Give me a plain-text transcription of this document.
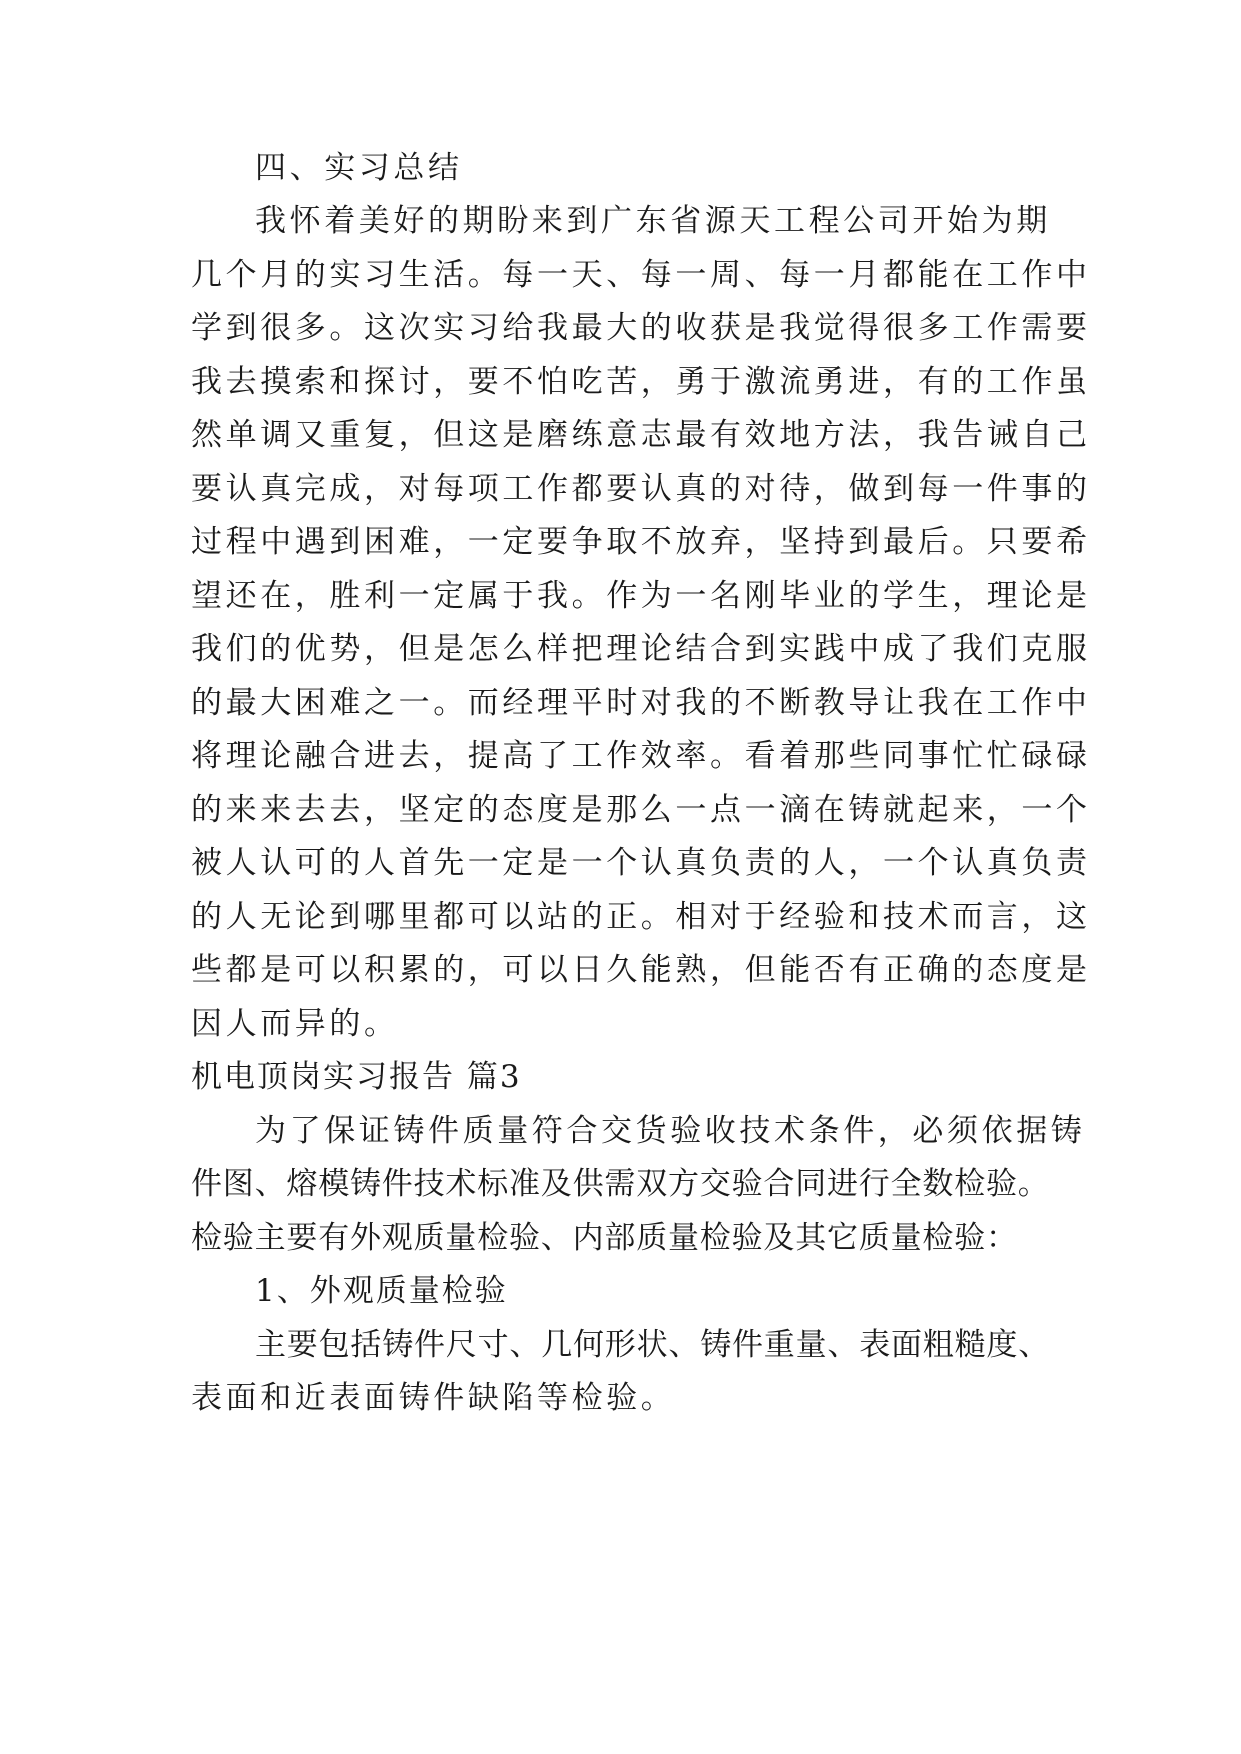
四、实习总结
我怀着美好的期盼来到广东省源天工程公司开始为期
几个月的实习生活。每一天、每一周、每一月都能在工作中
学到很多。这次实习给我最大的收获是我觉得很多工作需要
我去摸索和探讨，要不怕吃苦，勇于激流勇进，有的工作虽
然单调又重复，但这是磨练意志最有效地方法，我告诫自己
要认真完成，对每项工作都要认真的对待，做到每一件事的
过程中遇到困难，一定要争取不放弃，坚持到最后。只要希
望还在，胜利一定属于我。作为一名刚毕业的学生，理论是
我们的优势，但是怎么样把理论结合到实践中成了我们克服
的最大困难之一。而经理平时对我的不断教导让我在工作中
将理论融合进去，提高了工作效率。看着那些同事忙忙碌碌
的来来去去，坚定的态度是那么一点一滴在铸就起来，一个
被人认可的人首先一定是一个认真负责的人，一个认真负责
的人无论到哪里都可以站的正。相对于经验和技术而言，这
些都是可以积累的，可以日久能熟，但能否有正确的态度是
因人而异的。
机电顶岗实习报告 篇3
为了保证铸件质量符合交货验收技术条件，必须依据铸
件图、熔模铸件技术标准及供需双方交验合同进行全数检验。
检验主要有外观质量检验、内部质量检验及其它质量检验：
1、外观质量检验
主要包括铸件尺寸、几何形状、铸件重量、表面粗糙度、
表面和近表面铸件缺陷等检验。
